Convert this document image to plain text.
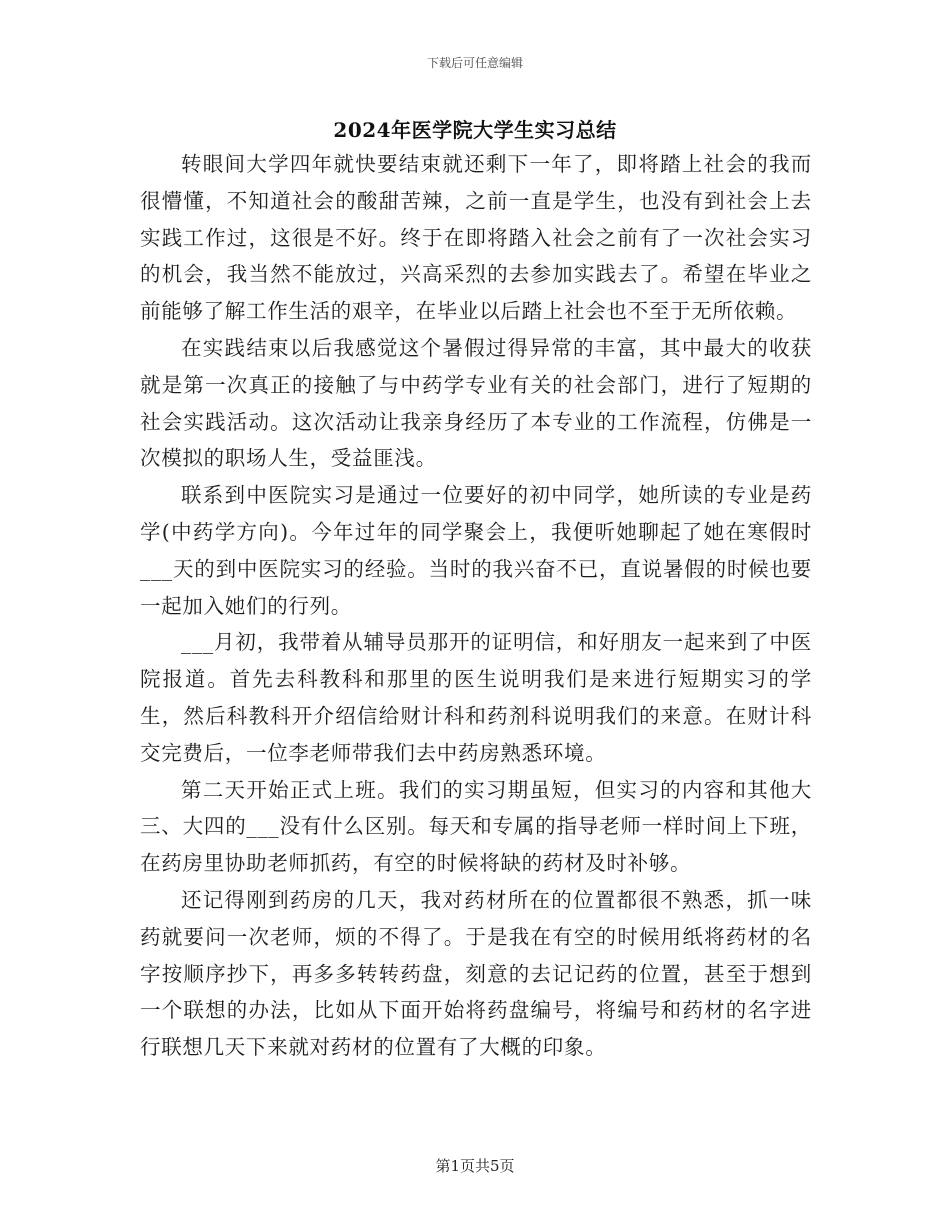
下载后可任意编辑
2024年医学院大学生实习总结

转眼间大学四年就快要结束就还剩下一年了，即将踏上社会的我而很懵懂，不知道社会的酸甜苦辣，之前一直是学生，也没有到社会上去实践工作过，这很是不好。终于在即将踏入社会之前有了一次社会实习的机会，我当然不能放过，兴高采烈的去参加实践去了。希望在毕业之前能够了解工作生活的艰辛，在毕业以后踏上社会也不至于无所依赖。

在实践结束以后我感觉这个暑假过得异常的丰富，其中最大的收获就是第一次真正的接触了与中药学专业有关的社会部门，进行了短期的社会实践活动。这次活动让我亲身经历了本专业的工作流程，仿佛是一次模拟的职场人生，受益匪浅。

联系到中医院实习是通过一位要好的初中同学，她所读的专业是药学(中药学方向)。今年过年的同学聚会上，我便听她聊起了她在寒假时___天的到中医院实习的经验。当时的我兴奋不已，直说暑假的时候也要一起加入她们的行列。

___月初，我带着从辅导员那开的证明信，和好朋友一起来到了中医院报道。首先去科教科和那里的医生说明我们是来进行短期实习的学生，然后科教科开介绍信给财计科和药剂科说明我们的来意。在财计科交完费后，一位李老师带我们去中药房熟悉环境。

第二天开始正式上班。我们的实习期虽短，但实习的内容和其他大三、大四的___没有什么区别。每天和专属的指导老师一样时间上下班，在药房里协助老师抓药，有空的时候将缺的药材及时补够。

还记得刚到药房的几天，我对药材所在的位置都很不熟悉，抓一味药就要问一次老师，烦的不得了。于是我在有空的时候用纸将药材的名字按顺序抄下，再多多转转药盘，刻意的去记记药的位置，甚至于想到一个联想的办法，比如从下面开始将药盘编号，将编号和药材的名字进行联想几天下来就对药材的位置有了大概的印象。

第1页共5页
